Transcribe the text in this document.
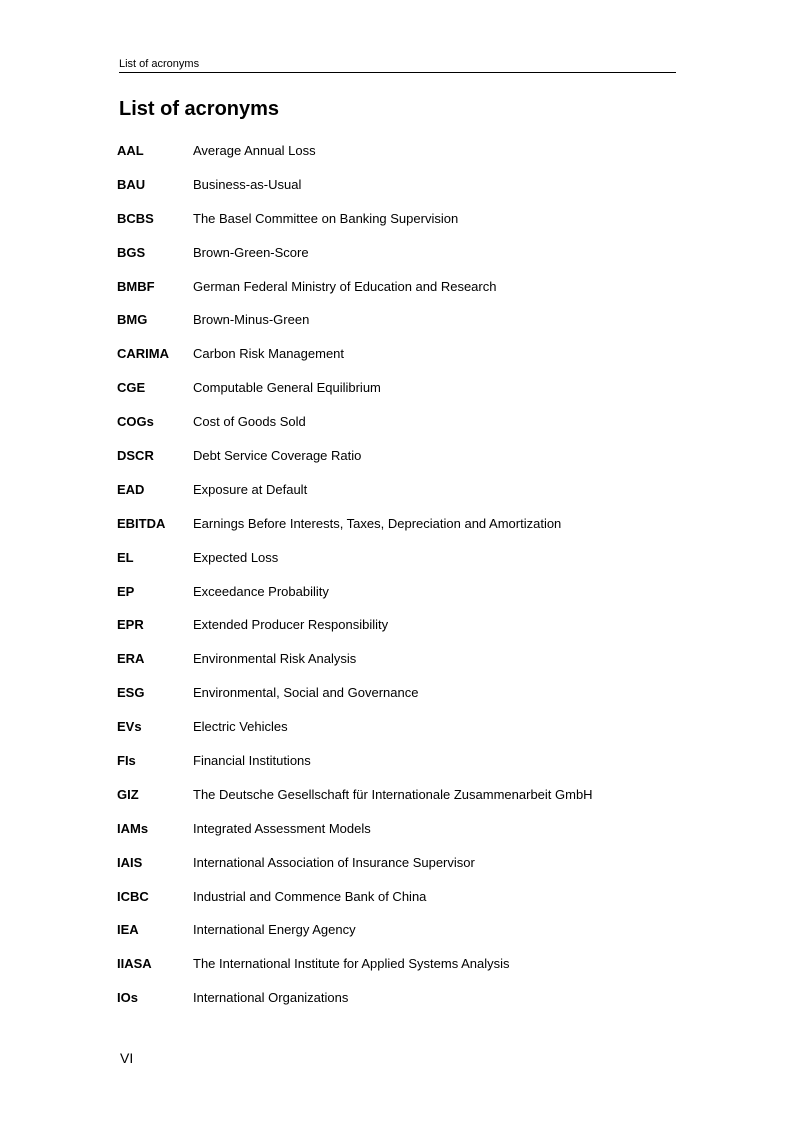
List of acronyms
List of acronyms
AAL	Average Annual Loss
BAU	Business-as-Usual
BCBS	The Basel Committee on Banking Supervision
BGS	Brown-Green-Score
BMBF	German Federal Ministry of Education and Research
BMG	Brown-Minus-Green
CARIMA	Carbon Risk Management
CGE	Computable General Equilibrium
COGs	Cost of Goods Sold
DSCR	Debt Service Coverage Ratio
EAD	Exposure at Default
EBITDA	Earnings Before Interests, Taxes, Depreciation and Amortization
EL	Expected Loss
EP	Exceedance Probability
EPR	Extended Producer Responsibility
ERA	Environmental Risk Analysis
ESG	Environmental, Social and Governance
EVs	Electric Vehicles
FIs	Financial Institutions
GIZ	The Deutsche Gesellschaft für Internationale Zusammenarbeit GmbH
IAMs	Integrated Assessment Models
IAIS	International Association of Insurance Supervisor
ICBC	Industrial and Commence Bank of China
IEA	International Energy Agency
IIASA	The International Institute for Applied Systems Analysis
IOs	International Organizations
VI
